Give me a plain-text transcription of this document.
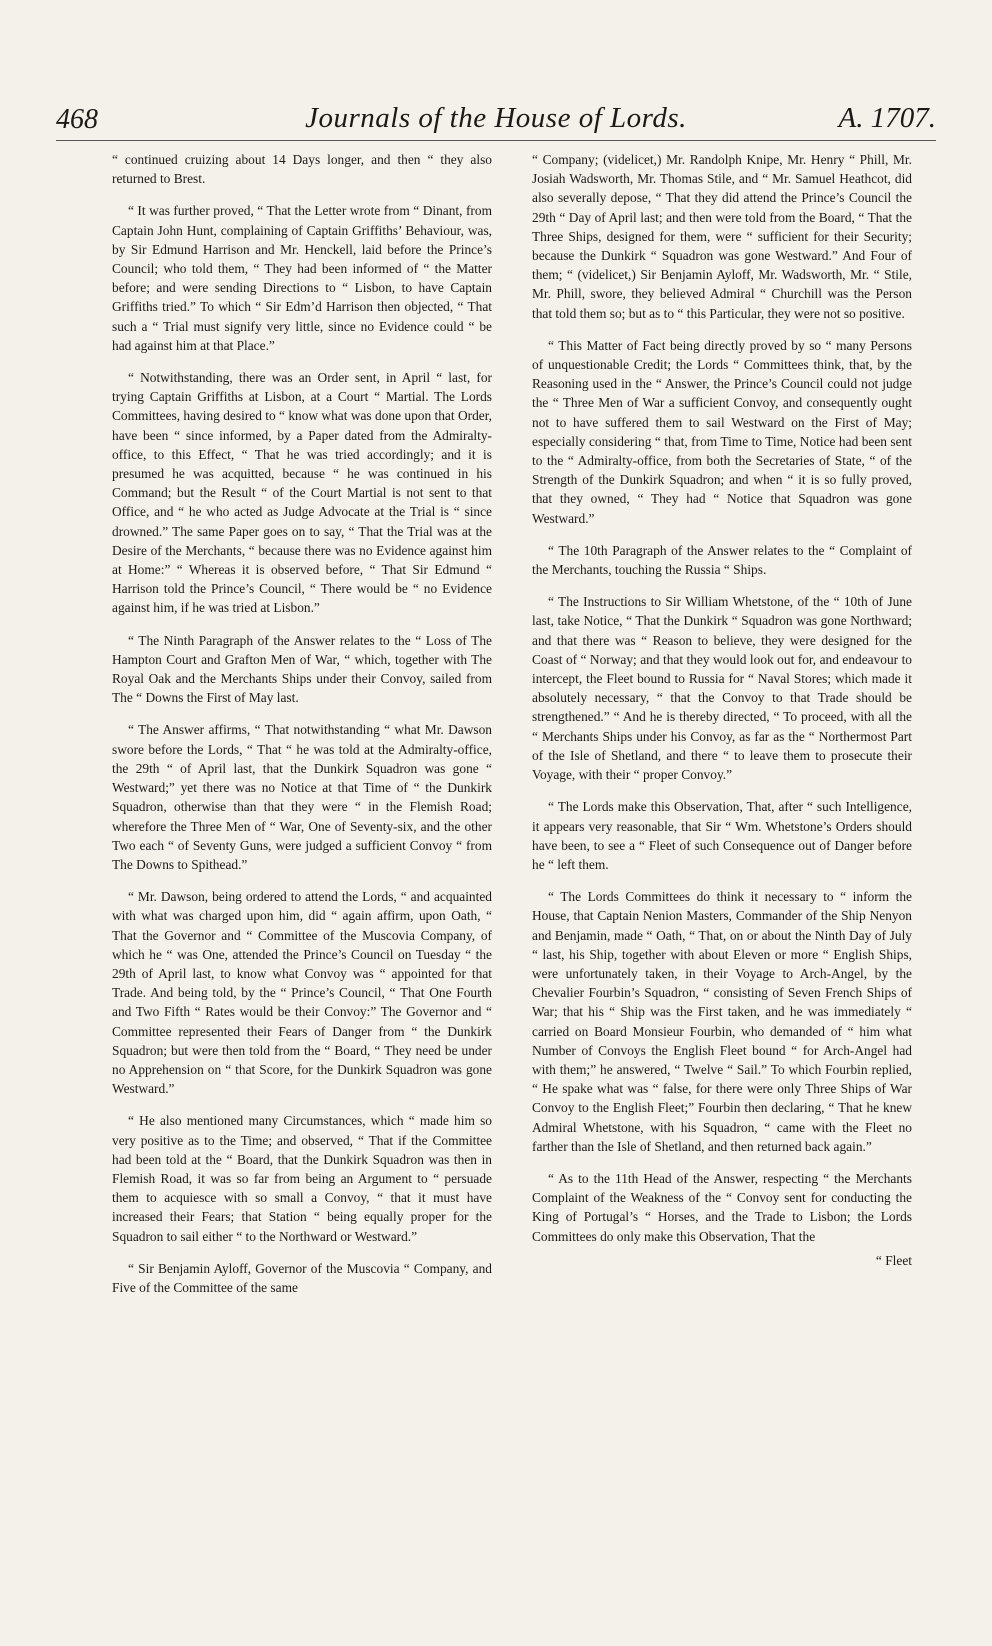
468	Journals of the House of Lords.	A. 1707.

“ continued cruizing about 14 Days longer, and then “ they also returned to Brest.

“ It was further proved, “ That the Letter wrote from “ Dinant, from Captain John Hunt, complaining of Captain Griffiths’ Behaviour, was, by Sir Edmund Harrison and Mr. Henckell, laid before the Prince’s Council; who told them, “ They had been informed of “ the Matter before; and were sending Directions to “ Lisbon, to have Captain Griffiths tried.” To which “ Sir Edm’d Harrison then objected, “ That such a “ Trial must signify very little, since no Evidence could “ be had against him at that Place.”

“ Notwithstanding, there was an Order sent, in April “ last, for trying Captain Griffiths at Lisbon, at a Court “ Martial. The Lords Committees, having desired to “ know what was done upon that Order, have been “ since informed, by a Paper dated from the Admiralty-office, to this Effect, “ That he was tried accordingly; and it is presumed he was acquitted, because “ he was continued in his Command; but the Result “ of the Court Martial is not sent to that Office, and “ he who acted as Judge Advocate at the Trial is “ since drowned.” The same Paper goes on to say, “ That the Trial was at the Desire of the Merchants, “ because there was no Evidence against him at Home:” “ Whereas it is observed before, “ That Sir Edmund “ Harrison told the Prince’s Council, “ There would be “ no Evidence against him, if he was tried at Lisbon.”

“ The Ninth Paragraph of the Answer relates to the “ Loss of The Hampton Court and Grafton Men of War, “ which, together with The Royal Oak and the Merchants Ships under their Convoy, sailed from The “ Downs the First of May last.

“ The Answer affirms, “ That notwithstanding “ what Mr. Dawson swore before the Lords, “ That “ he was told at the Admiralty-office, the 29th “ of April last, that the Dunkirk Squadron was gone “ Westward;” yet there was no Notice at that Time of “ the Dunkirk Squadron, otherwise than that they were “ in the Flemish Road; wherefore the Three Men of “ War, One of Seventy-six, and the other Two each “ of Seventy Guns, were judged a sufficient Convoy “ from The Downs to Spithead.”

“ Mr. Dawson, being ordered to attend the Lords, “ and acquainted with what was charged upon him, did “ again affirm, upon Oath, “ That the Governor and “ Committee of the Muscovia Company, of which he “ was One, attended the Prince’s Council on Tuesday “ the 29th of April last, to know what Convoy was “ appointed for that Trade. And being told, by the “ Prince’s Council, “ That One Fourth and Two Fifth “ Rates would be their Convoy:” The Governor and “ Committee represented their Fears of Danger from “ the Dunkirk Squadron; but were then told from the “ Board, “ They need be under no Apprehension on “ that Score, for the Dunkirk Squadron was gone Westward.”

“ He also mentioned many Circumstances, which “ made him so very positive as to the Time; and observed, “ That if the Committee had been told at the “ Board, that the Dunkirk Squadron was then in Flemish Road, it was so far from being an Argument to “ persuade them to acquiesce with so small a Convoy, “ that it must have increased their Fears; that Station “ being equally proper for the Squadron to sail either “ to the Northward or Westward.”

“ Sir Benjamin Ayloff, Governor of the Muscovia “ Company, and Five of the Committee of the same

“ Company; (videlicet,) Mr. Randolph Knipe, Mr. Henry “ Phill, Mr. Josiah Wadsworth, Mr. Thomas Stile, and “ Mr. Samuel Heathcot, did also severally depose, “ That they did attend the Prince’s Council the 29th “ Day of April last; and then were told from the Board, “ That the Three Ships, designed for them, were “ sufficient for their Security; because the Dunkirk “ Squadron was gone Westward.” And Four of them; “ (videlicet,) Sir Benjamin Ayloff, Mr. Wadsworth, Mr. “ Stile, Mr. Phill, swore, they believed Admiral “ Churchill was the Person that told them so; but as to “ this Particular, they were not so positive.

“ This Matter of Fact being directly proved by so “ many Persons of unquestionable Credit; the Lords “ Committees think, that, by the Reasoning used in the “ Answer, the Prince’s Council could not judge the “ Three Men of War a sufficient Convoy, and consequently ought not to have suffered them to sail Westward on the First of May; especially considering “ that, from Time to Time, Notice had been sent to the “ Admiralty-office, from both the Secretaries of State, “ of the Strength of the Dunkirk Squadron; and when “ it is so fully proved, that they owned, “ They had “ Notice that Squadron was gone Westward.”

“ The 10th Paragraph of the Answer relates to the “ Complaint of the Merchants, touching the Russia “ Ships.

“ The Instructions to Sir William Whetstone, of the “ 10th of June last, take Notice, “ That the Dunkirk “ Squadron was gone Northward; and that there was “ Reason to believe, they were designed for the Coast of “ Norway; and that they would look out for, and endeavour to intercept, the Fleet bound to Russia for “ Naval Stores; which made it absolutely necessary, “ that the Convoy to that Trade should be strengthened.” “ And he is thereby directed, “ To proceed, with all the “ Merchants Ships under his Convoy, as far as the “ Northermost Part of the Isle of Shetland, and there “ to leave them to prosecute their Voyage, with their “ proper Convoy.”

“ The Lords make this Observation, That, after “ such Intelligence, it appears very reasonable, that Sir “ Wm. Whetstone’s Orders should have been, to see a “ Fleet of such Consequence out of Danger before he “ left them.

“ The Lords Committees do think it necessary to “ inform the House, that Captain Nenion Masters, Commander of the Ship Nenyon and Benjamin, made “ Oath, “ That, on or about the Ninth Day of July “ last, his Ship, together with about Eleven or more “ English Ships, were unfortunately taken, in their Voyage to Arch-Angel, by the Chevalier Fourbin’s Squadron, “ consisting of Seven French Ships of War; that his “ Ship was the First taken, and he was immediately “ carried on Board Monsieur Fourbin, who demanded of “ him what Number of Convoys the English Fleet bound “ for Arch-Angel had with them;” he answered, “ Twelve “ Sail.” To which Fourbin replied, “ He spake what was “ false, for there were only Three Ships of War Convoy to the English Fleet;” Fourbin then declaring, “ That he knew Admiral Whetstone, with his Squadron, “ came with the Fleet no farther than the Isle of Shetland, and then returned back again.”

“ As to the 11th Head of the Answer, respecting “ the Merchants Complaint of the Weakness of the “ Convoy sent for conducting the King of Portugal’s “ Horses, and the Trade to Lisbon; the Lords Committees do only make this Observation, That the

“ Fleet
